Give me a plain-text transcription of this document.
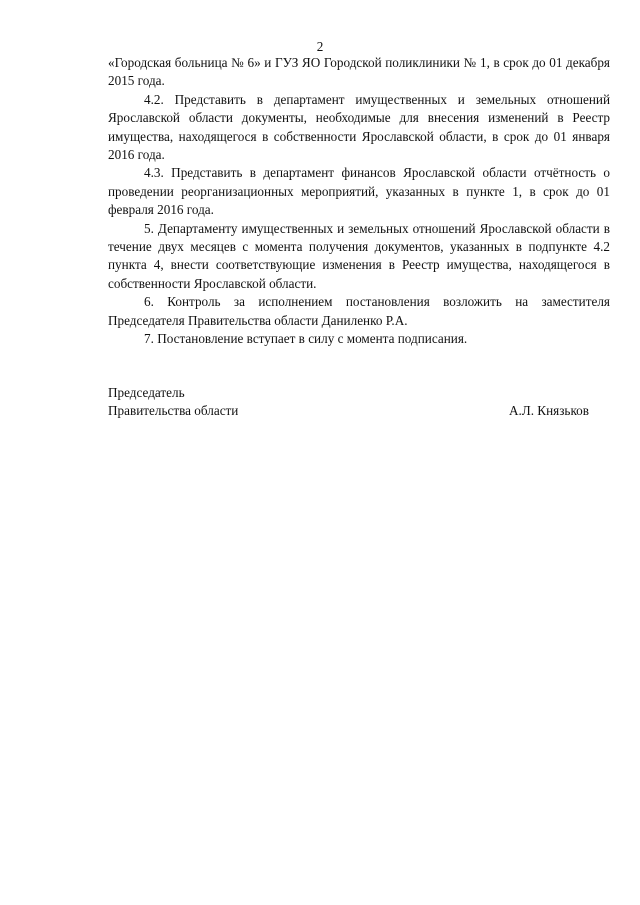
2

«Городская больница № 6» и ГУЗ ЯО Городской поликлиники № 1, в срок до 01 декабря 2015 года.

4.2. Представить в департамент имущественных и земельных отношений Ярославской области документы, необходимые для внесения изменений в Реестр имущества, находящегося в собственности Ярославской области, в срок до 01 января 2016 года.

4.3. Представить в департамент финансов Ярославской области отчётность о проведении реорганизационных мероприятий, указанных в пункте 1, в срок до 01 февраля 2016 года.

5. Департаменту имущественных и земельных отношений Ярославской области в течение двух месяцев с момента получения документов, указанных в подпункте 4.2 пункта 4, внести соответствующие изменения в Реестр имущества, находящегося в собственности Ярославской области.

6. Контроль за исполнением постановления возложить на заместителя Председателя Правительства области Даниленко Р.А.

7. Постановление вступает в силу с момента подписания.

Председатель
Правительства области	А.Л. Князьков
